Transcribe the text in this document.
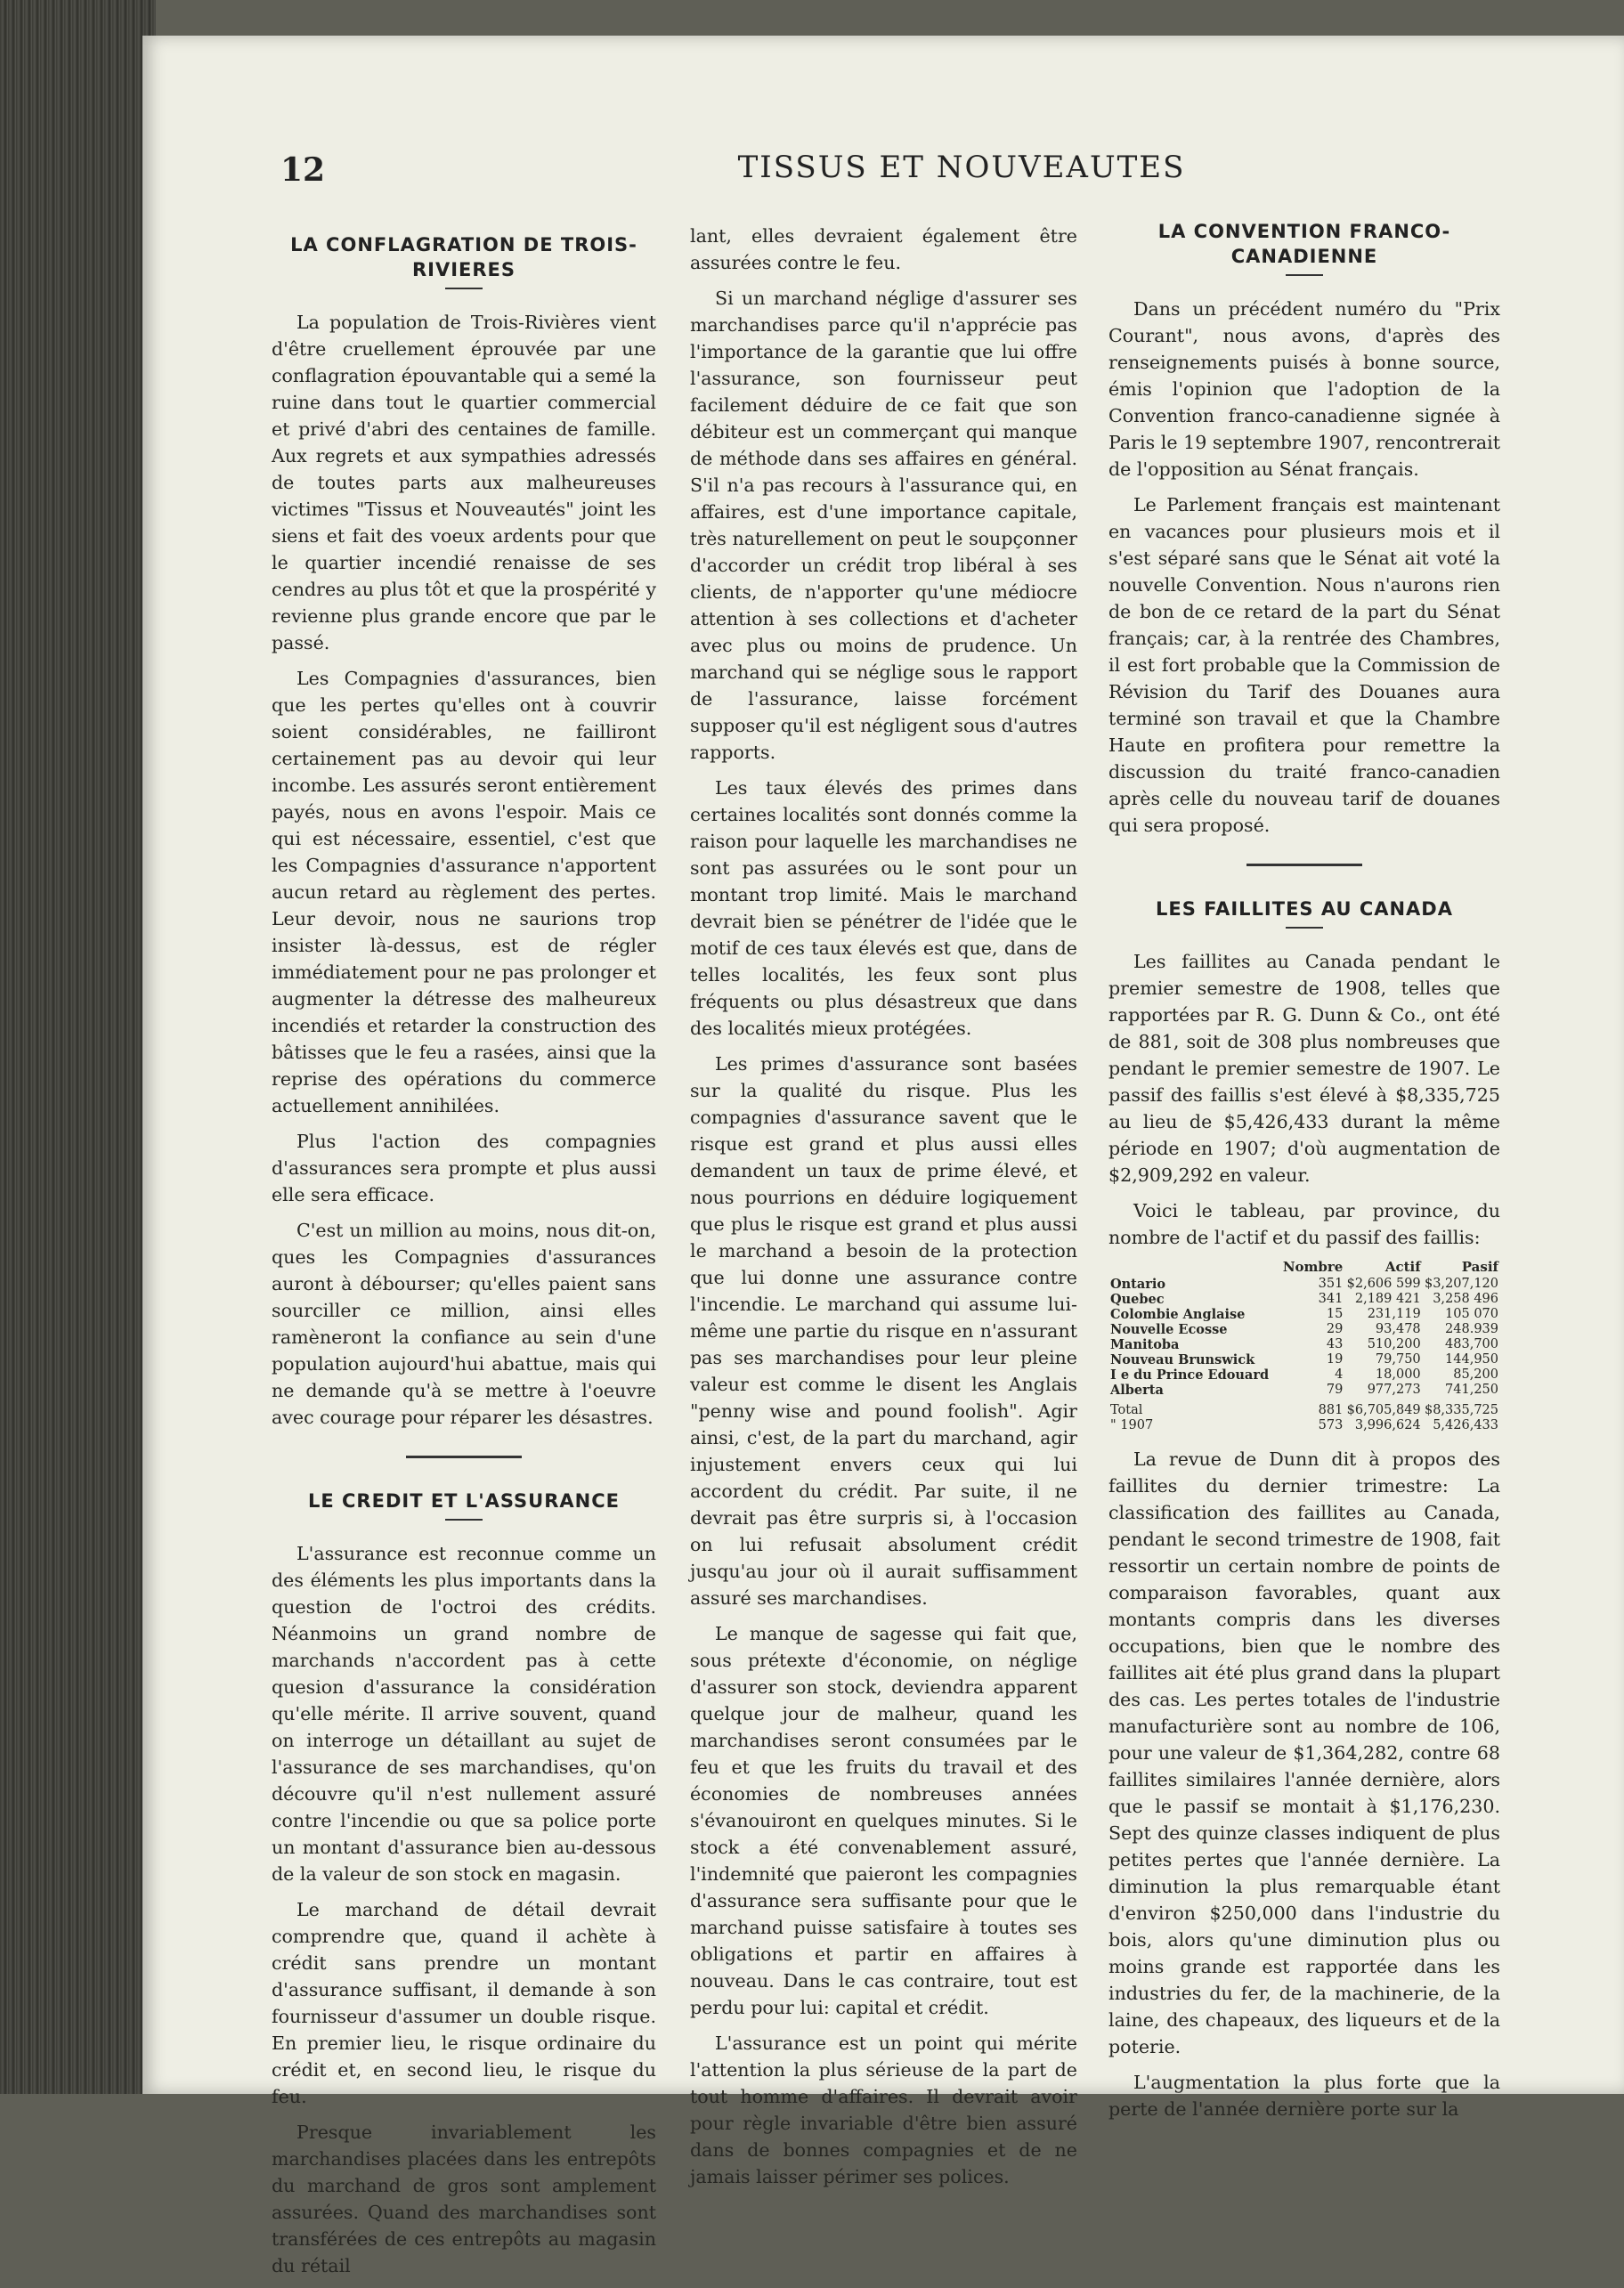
12	TISSUS ET NOUVEAUTES
LA CONFLAGRATION DE TROIS-RIVIERES

La population de Trois-Rivières vient d'être cruellement éprouvée par une conflagration épouvantable qui a semé la ruine dans tout le quartier commercial et privé d'abri des centaines de famille. Aux regrets et aux sympathies adressés de toutes parts aux malheureuses victimes "Tissus et Nouveautés" joint les siens et fait des voeux ardents pour que le quartier incendié renaisse de ses cendres au plus tôt et que la prospérité y revienne plus grande encore que par le passé.

Les Compagnies d'assurances, bien que les pertes qu'elles ont à couvrir soient considérables, ne failliront certainement pas au devoir qui leur incombe. Les assurés seront entièrement payés, nous en avons l'espoir. Mais ce qui est nécessaire, essentiel, c'est que les Compagnies d'assurance n'apportent aucun retard au règlement des pertes. Leur devoir, nous ne saurions trop insister là-dessus, est de régler immédiatement pour ne pas prolonger et augmenter la détresse des malheureux incendiés et retarder la construction des bâtisses que le feu a rasées, ainsi que la reprise des opérations du commerce actuellement annihilées.

Plus l'action des compagnies d'assurances sera prompte et plus aussi elle sera efficace.

C'est un million au moins, nous dit-on, ques les Compagnies d'assurances auront à débourser; qu'elles paient sans sourciller ce million, ainsi elles ramèneront la confiance au sein d'une population aujourd'hui abattue, mais qui ne demande qu'à se mettre à l'oeuvre avec courage pour réparer les désastres.

LE CREDIT ET L'ASSURANCE

L'assurance est reconnue comme un des éléments les plus importants dans la question de l'octroi des crédits. Néanmoins un grand nombre de marchands n'accordent pas à cette quesion d'assurance la considération qu'elle mérite. Il arrive souvent, quand on interroge un détaillant au sujet de l'assurance de ses marchandises, qu'on découvre qu'il n'est nullement assuré contre l'incendie ou que sa police porte un montant d'assurance bien au-dessous de la valeur de son stock en magasin.

Le marchand de détail devrait comprendre que, quand il achète à crédit sans prendre un montant d'assurance suffisant, il demande à son fournisseur d'assumer un double risque. En premier lieu, le risque ordinaire du crédit et, en second lieu, le risque du feu.

Presque invariablement les marchandises placées dans les entrepôts du marchand de gros sont amplement assurées. Quand des marchandises sont transférées de ces entrepôts au magasin du rétail

lant, elles devraient également être assurées contre le feu.

Si un marchand néglige d'assurer ses marchandises parce qu'il n'apprécie pas l'importance de la garantie que lui offre l'assurance, son fournisseur peut facilement déduire de ce fait que son débiteur est un commerçant qui manque de méthode dans ses affaires en général. S'il n'a pas recours à l'assurance qui, en affaires, est d'une importance capitale, très naturellement on peut le soupçonner d'accorder un crédit trop libéral à ses clients, de n'apporter qu'une médiocre attention à ses collections et d'acheter avec plus ou moins de prudence. Un marchand qui se néglige sous le rapport de l'assurance, laisse forcément supposer qu'il est négligent sous d'autres rapports.

Les taux élevés des primes dans certaines localités sont donnés comme la raison pour laquelle les marchandises ne sont pas assurées ou le sont pour un montant trop limité. Mais le marchand devrait bien se pénétrer de l'idée que le motif de ces taux élevés est que, dans de telles localités, les feux sont plus fréquents ou plus désastreux que dans des localités mieux protégées.

Les primes d'assurance sont basées sur la qualité du risque. Plus les compagnies d'assurance savent que le risque est grand et plus aussi elles demandent un taux de prime élevé, et nous pourrions en déduire logiquement que plus le risque est grand et plus aussi le marchand a besoin de la protection que lui donne une assurance contre l'incendie. Le marchand qui assume lui-même une partie du risque en n'assurant pas ses marchandises pour leur pleine valeur est comme le disent les Anglais "penny wise and pound foolish". Agir ainsi, c'est, de la part du marchand, agir injustement envers ceux qui lui accordent du crédit. Par suite, il ne devrait pas être surpris si, à l'occasion on lui refusait absolument crédit jusqu'au jour où il aurait suffisamment assuré ses marchandises.

Le manque de sagesse qui fait que, sous prétexte d'économie, on néglige d'assurer son stock, deviendra apparent quelque jour de malheur, quand les marchandises seront consumées par le feu et que les fruits du travail et des économies de nombreuses années s'évanouiront en quelques minutes. Si le stock a été convenablement assuré, l'indemnité que paieront les compagnies d'assurance sera suffisante pour que le marchand puisse satisfaire à toutes ses obligations et partir en affaires à nouveau. Dans le cas contraire, tout est perdu pour lui: capital et crédit.

L'assurance est un point qui mérite l'attention la plus sérieuse de la part de tout homme d'affaires. Il devrait avoir pour règle invariable d'être bien assuré dans de bonnes compagnies et de ne jamais laisser périmer ses polices.

LA CONVENTION FRANCO-CANADIENNE

Dans un précédent numéro du "Prix Courant", nous avons, d'après des renseignements puisés à bonne source, émis l'opinion que l'adoption de la Convention franco-canadienne signée à Paris le 19 septembre 1907, rencontrerait de l'opposition au Sénat français.

Le Parlement français est maintenant en vacances pour plusieurs mois et il s'est séparé sans que le Sénat ait voté la nouvelle Convention. Nous n'aurons rien de bon de ce retard de la part du Sénat français; car, à la rentrée des Chambres, il est fort probable que la Commission de Révision du Tarif des Douanes aura terminé son travail et que la Chambre Haute en profitera pour remettre la discussion du traité franco-canadien après celle du nouveau tarif de douanes qui sera proposé.

LES FAILLITES AU CANADA

Les faillites au Canada pendant le premier semestre de 1908, telles que rapportées par R. G. Dunn & Co., ont été de 881, soit de 308 plus nombreuses que pendant le premier semestre de 1907. Le passif des faillis s'est élevé à $8,335,725 au lieu de $5,426,433 durant la même période en 1907; d'où augmentation de $2,909,292 en valeur.

Voici le tableau, par province, du nombre de l'actif et du passif des faillis:

	Nombre	Actif	Pasif
Ontario	351	$2,606 599	$3,207,120
Quebec	341	2,189 421	3,258 496
Colombie Anglaise	15	231,119	105 070
Nouvelle Ecosse	29	93,478	248.939
Manitoba	43	510,200	483,700
Nouveau Brunswick	19	79,750	144,950
I e du Prince Edouard	4	18,000	85,200
Alberta	79	977,273	741,250
Total	881	$6,705,849	$8,335,725
" 1907	573	3,996,624	5,426,433

La revue de Dunn dit à propos des faillites du dernier trimestre: La classification des faillites au Canada, pendant le second trimestre de 1908, fait ressortir un certain nombre de points de comparaison favorables, quant aux montants compris dans les diverses occupations, bien que le nombre des faillites ait été plus grand dans la plupart des cas. Les pertes totales de l'industrie manufacturière sont au nombre de 106, pour une valeur de $1,364,282, contre 68 faillites similaires l'année dernière, alors que le passif se montait à $1,176,230. Sept des quinze classes indiquent de plus petites pertes que l'année dernière. La diminution la plus remarquable étant d'environ $250,000 dans l'industrie du bois, alors qu'une diminution plus ou moins grande est rapportée dans les industries du fer, de la machinerie, de la laine, des chapeaux, des liqueurs et de la poterie.

L'augmentation la plus forte que la perte de l'année dernière porte sur la
